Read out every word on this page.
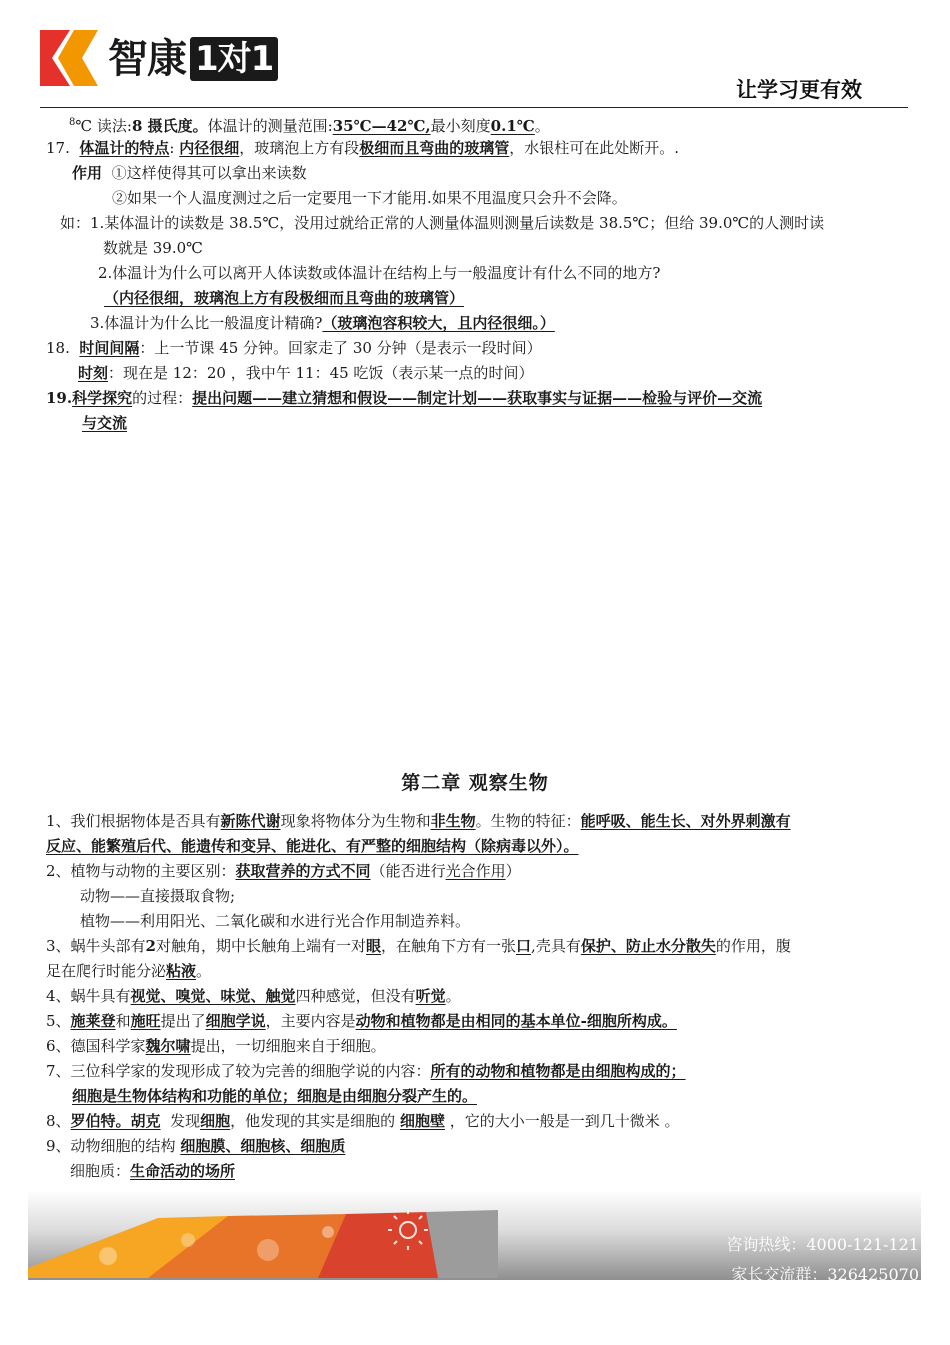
智康 1对1
让学习更有效
$^8$℃ 读法:8 摄氏度。体温计的测量范围:35℃—42℃,最小刻度0.1℃。
17. 体温计的特点: 内径很细，玻璃泡上方有段极细而且弯曲的玻璃管，水银柱可在此处断开。.
作用 ①这样使得其可以拿出来读数
②如果一个人温度测过之后一定要甩一下才能用.如果不甩温度只会升不会降。
如：1.某体温计的读数是 38.5℃，没用过就给正常的人测量体温则测量后读数是 38.5℃；但给 39.0℃的人测时读
数就是 39.0℃
2.体温计为什么可以离开人体读数或体温计在结构上与一般温度计有什么不同的地方?
（内径很细，玻璃泡上方有段极细而且弯曲的玻璃管）
3.体温计为什么比一般温度计精确?（玻璃泡容积较大，且内径很细。）
18. 时间间隔：上一节课 45 分钟。回家走了 30 分钟（是表示一段时间）
时刻：现在是 12：20 ，我中午 11：45 吃饭（表示某一点的时间）
19.科学探究的过程：提出问题——建立猜想和假设——制定计划——获取事实与证据——检验与评价—交流
与交流
第二章 观察生物
1、我们根据物体是否具有新陈代谢现象将物体分为生物和非生物。生物的特征：能呼吸、能生长、对外界刺激有
反应、能繁殖后代、能遗传和变异、能进化、有严整的细胞结构（除病毒以外）。
2、植物与动物的主要区别：获取营养的方式不同（能否进行光合作用）
动物——直接摄取食物;
植物——利用阳光、二氧化碳和水进行光合作用制造养料。
3、蜗牛头部有2对触角，期中长触角上端有一对眼，在触角下方有一张口,壳具有保护、防止水分散失的作用，腹
足在爬行时能分泌粘液。
4、蜗牛具有视觉、嗅觉、味觉、触觉四种感觉，但没有听觉。
5、施莱登和施旺提出了细胞学说，主要内容是动物和植物都是由相同的基本单位-细胞所构成。
6、德国科学家魏尔啸提出，一切细胞来自于细胞。
7、三位科学家的发现形成了较为完善的细胞学说的内容：所有的动物和植物都是由细胞构成的；
细胞是生物体结构和功能的单位；细胞是由细胞分裂产生的。
8、罗伯特。胡克 发现细胞，他发现的其实是细胞的 细胞壁 ，它的大小一般是一到几十微米 。
9、动物细胞的结构 细胞膜、细胞核、细胞质
细胞质：生命活动的场所
咨询热线：4000-121-121
家长交流群：326425070
